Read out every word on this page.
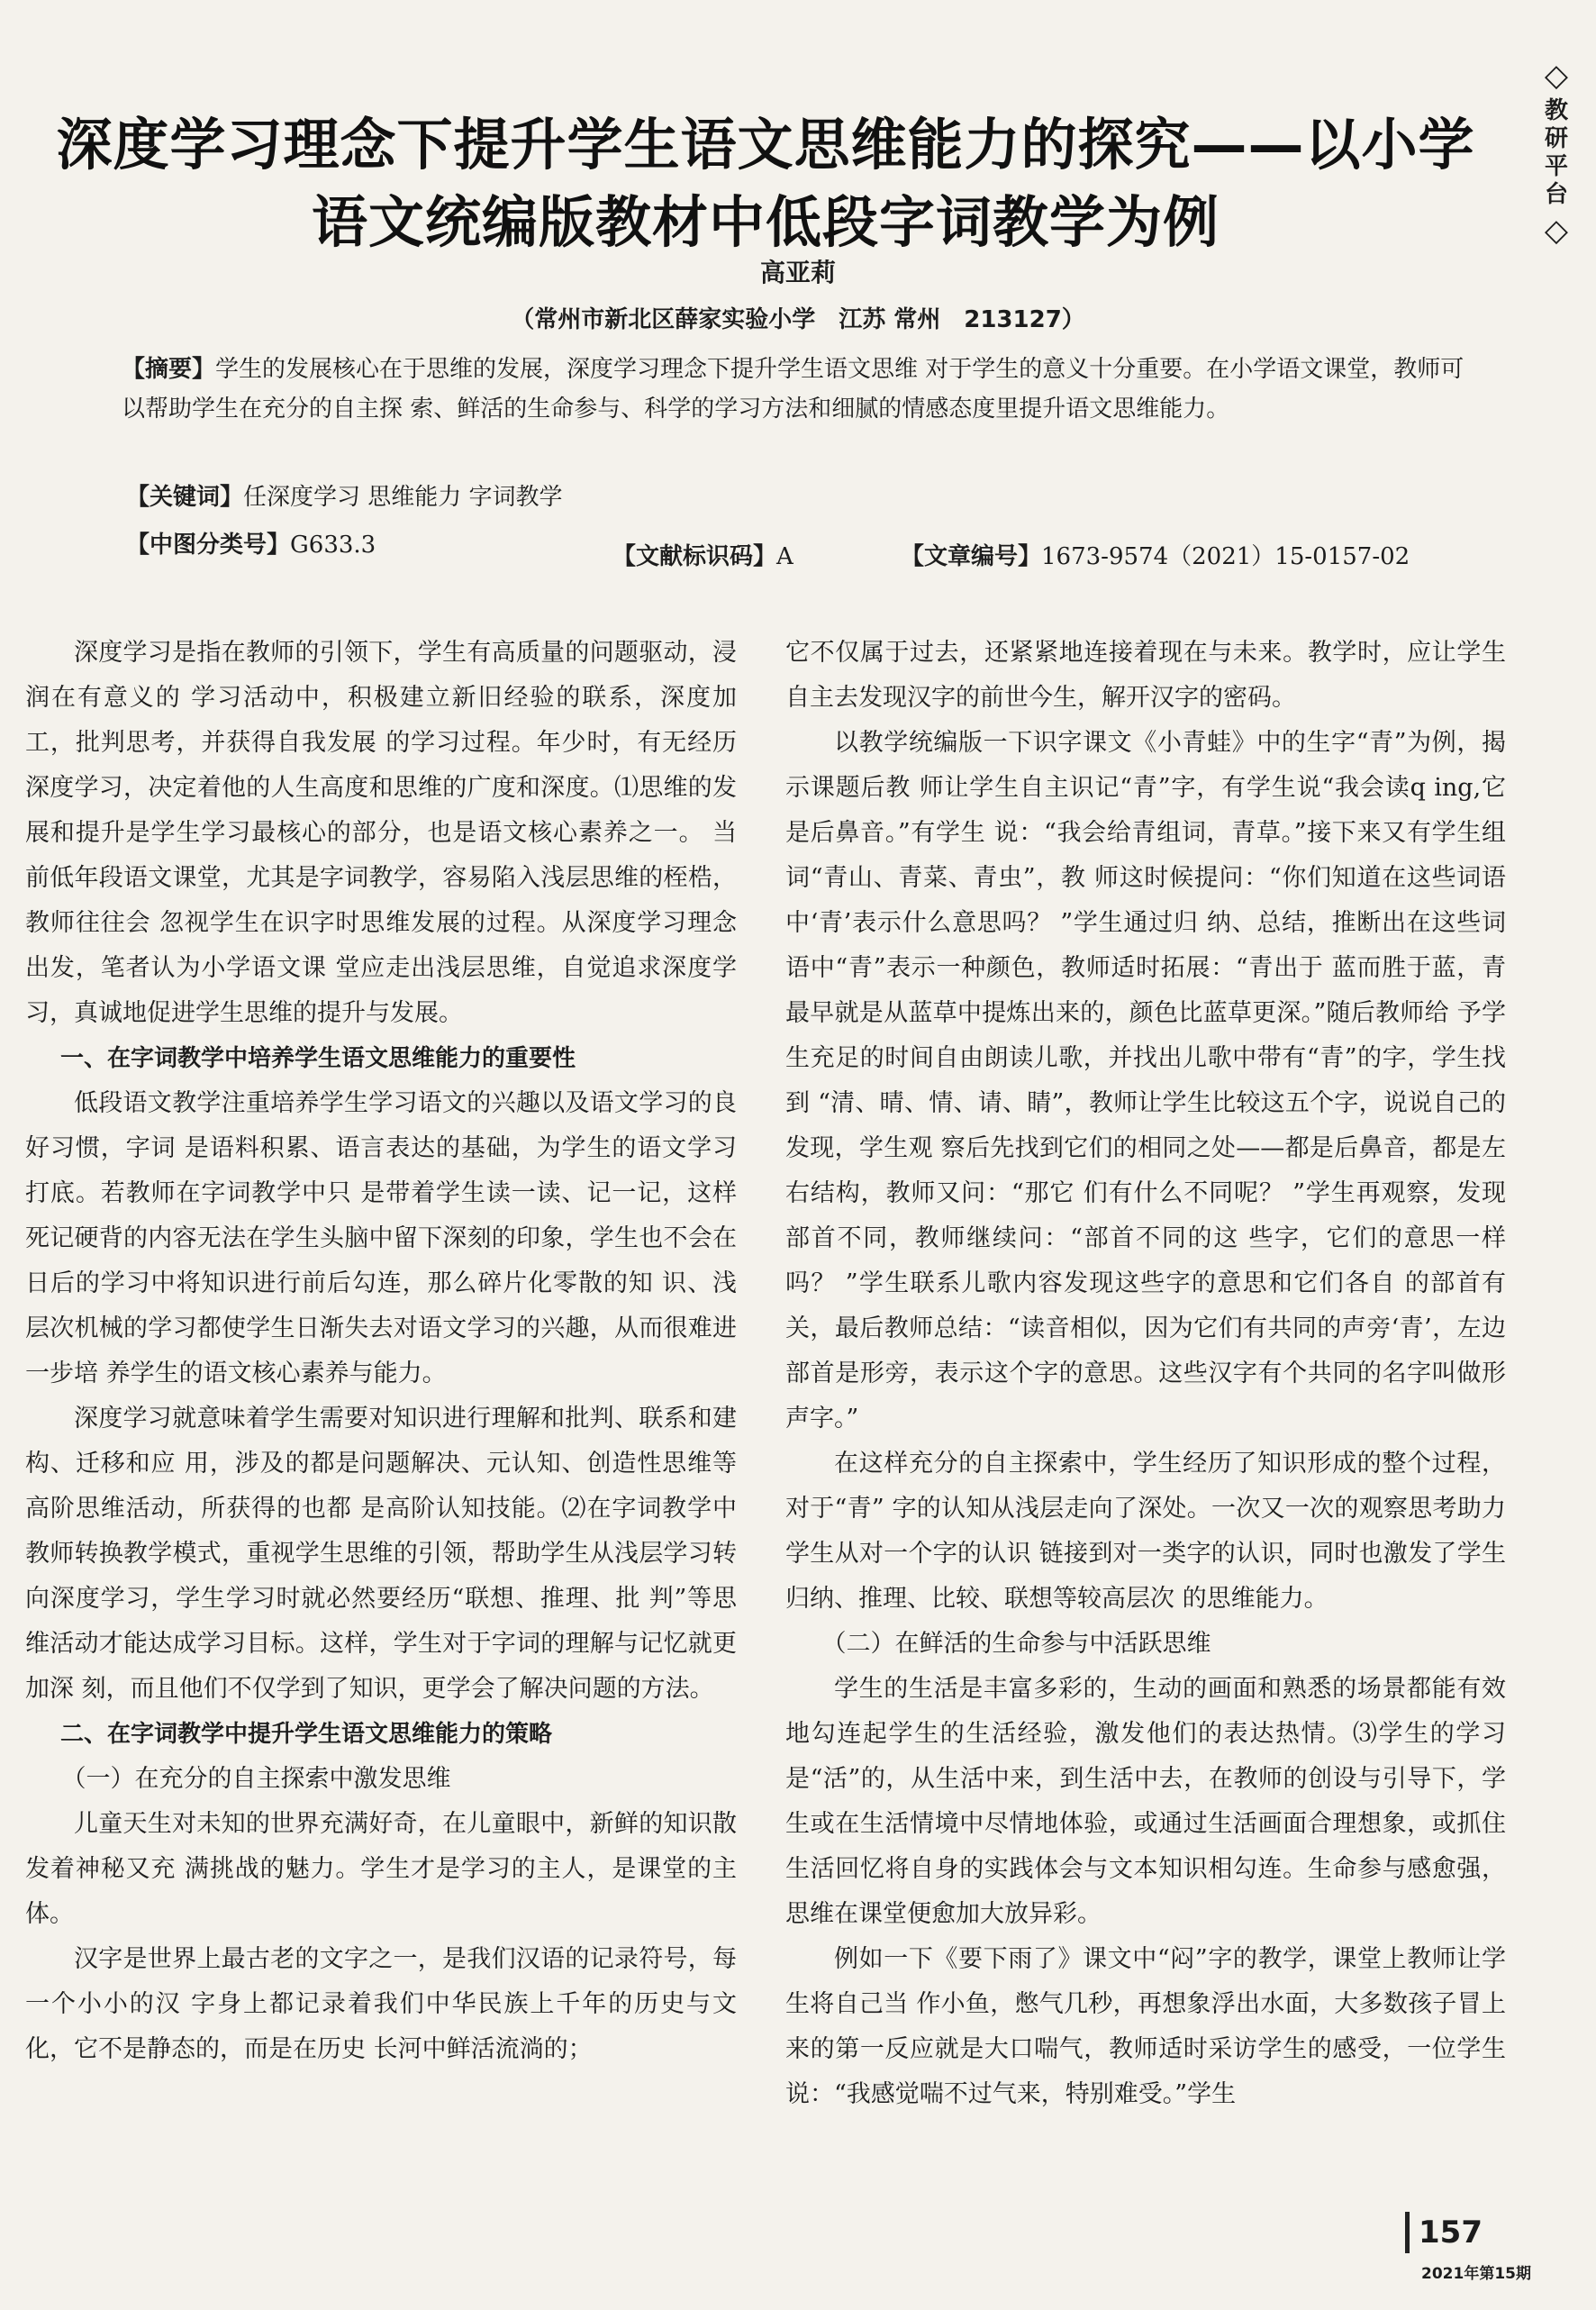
◇
教研平台
◇
深度学习理念下提升学生语文思维能力的探究——以小学
语文统编版教材中低段字词教学为例
高亚莉
（常州市新北区薛家实验小学　江苏 常州　213127）
【摘要】学生的发展核心在于思维的发展，深度学习理念下提升学生语文思维 对于学生的意义十分重要。在小学语文课堂，教师可以帮助学生在充分的自主探 索、鲜活的生命参与、科学的学习方法和细腻的情感态度里提升语文思维能力。
【关键词】任深度学习 思维能力 字词教学
【中图分类号】G633.3	【文献标识码】A	【文章编号】1673-9574（2021）15-0157-02

深度学习是指在教师的引领下，学生有高质量的问题驱动，浸润在有意义的 学习活动中，积极建立新旧经验的联系，深度加工，批判思考，并获得自我发展 的学习过程。年少时，有无经历深度学习，决定着他的人生高度和思维的广度和深度。⑴思维的发展和提升是学生学习最核心的部分，也是语文核心素养之一。 当前低年段语文课堂，尤其是字词教学，容易陷入浅层思维的桎梏，教师往往会 忽视学生在识字时思维发展的过程。从深度学习理念出发，笔者认为小学语文课 堂应走出浅层思维，自觉追求深度学习，真诚地促进学生思维的提升与发展。

一、在字词教学中培养学生语文思维能力的重要性

低段语文教学注重培养学生学习语文的兴趣以及语文学习的良好习惯，字词 是语料积累、语言表达的基础，为学生的语文学习打底。若教师在字词教学中只 是带着学生读一读、记一记，这样死记硬背的内容无法在学生头脑中留下深刻的印象，学生也不会在日后的学习中将知识进行前后勾连，那么碎片化零散的知 识、浅层次机械的学习都使学生日渐失去对语文学习的兴趣，从而很难进一步培 养学生的语文核心素养与能力。

深度学习就意味着学生需要对知识进行理解和批判、联系和建构、迁移和应 用，涉及的都是问题解决、元认知、创造性思维等高阶思维活动，所获得的也都 是高阶认知技能。⑵在字词教学中教师转换教学模式，重视学生思维的引领，帮助学生从浅层学习转向深度学习，学生学习时就必然要经历“联想、推理、批 判”等思维活动才能达成学习目标。这样，学生对于字词的理解与记忆就更加深 刻，而且他们不仅学到了知识，更学会了解决问题的方法。

二、在字词教学中提升学生语文思维能力的策略
（一）在充分的自主探索中激发思维

儿童天生对未知的世界充满好奇，在儿童眼中，新鲜的知识散发着神秘又充 满挑战的魅力。学生才是学习的主人，是课堂的主体。

汉字是世界上最古老的文字之一，是我们汉语的记录符号，每一个小小的汉 字身上都记录着我们中华民族上千年的历史与文化，它不是静态的，而是在历史 长河中鲜活流淌的；

它不仅属于过去，还紧紧地连接着现在与未来。教学时，应让学生自主去发现汉字的前世今生，解开汉字的密码。

以教学统编版一下识字课文《小青蛙》中的生字“青”为例，揭示课题后教 师让学生自主识记“青”字，有学生说“我会读q ing,它是后鼻音。”有学生 说：“我会给青组词，青草。”接下来又有学生组词“青山、青菜、青虫”，教 师这时候提问：“你们知道在这些词语中‘青’表示什么意思吗？ ”学生通过归 纳、总结，推断出在这些词语中“青”表示一种颜色，教师适时拓展：“青出于 蓝而胜于蓝，青最早就是从蓝草中提炼出来的，颜色比蓝草更深。”随后教师给 予学生充足的时间自由朗读儿歌，并找出儿歌中带有“青”的字，学生找到 “清、晴、情、请、睛”，教师让学生比较这五个字，说说自己的发现，学生观 察后先找到它们的相同之处——都是后鼻音，都是左右结构，教师又问：“那它 们有什么不同呢？ ”学生再观察，发现部首不同，教师继续问：“部首不同的这 些字，它们的意思一样吗？ ”学生联系儿歌内容发现这些字的意思和它们各自 的部首有关，最后教师总结：“读音相似，因为它们有共同的声旁‘青’，左边 部首是形旁，表示这个字的意思。这些汉字有个共同的名字叫做形声字。”

在这样充分的自主探索中，学生经历了知识形成的整个过程，对于“青” 字的认知从浅层走向了深处。一次又一次的观察思考助力学生从对一个字的认识 链接到对一类字的认识，同时也激发了学生归纳、推理、比较、联想等较高层次 的思维能力。

（二）在鲜活的生命参与中活跃思维

学生的生活是丰富多彩的，生动的画面和熟悉的场景都能有效地勾连起学生的生活经验，激发他们的表达热情。⑶学生的学习是“活”的，从生活中来，到生活中去，在教师的创设与引导下，学生或在生活情境中尽情地体验，或通过生活画面合理想象，或抓住生活回忆将自身的实践体会与文本知识相勾连。生命参与感愈强，思维在课堂便愈加大放异彩。

例如一下《要下雨了》课文中“闷”字的教学，课堂上教师让学生将自己当 作小鱼，憋气几秒，再想象浮出水面，大多数孩子冒上来的第一反应就是大口喘气，教师适时采访学生的感受，一位学生说：“我感觉喘不过气来，特别难受。”学生

157
2021年第15期
